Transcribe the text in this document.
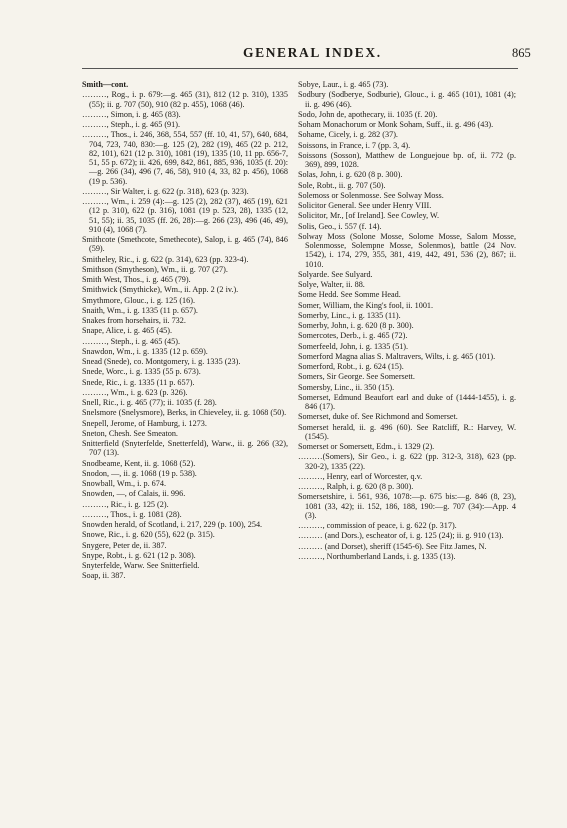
GENERAL INDEX.	865
Smith—cont.
………, Rog., i. p. 679:—g. 465 (31), 812 (12 p. 310), 1335 (55); ii. g. 707 (50), 910 (82 p. 455), 1068 (46).
………, Simon, i. g. 465 (83).
………, Steph., i. g. 465 (91).
………, Thos., i. 246, 368, 554, 557 (ff. 10, 41, 57), 640, 684, 704, 723, 740, 830:—g. 125 (2), 282 (19), 465 (22 p. 212, 82, 101), 621 (12 p. 310), 1081 (19), 1335 (10, 11 pp. 656-7, 51, 55 p. 672); ii. 426, 699, 842, 861, 885, 936, 1035 (f. 20):—g. 266 (34), 496 (7, 46, 58), 910 (4, 33, 82 p. 456), 1068 (19 p. 536).
………, Sir Walter, i. g. 622 (p. 318), 623 (p. 323).
………, Wm., i. 259 (4):—g. 125 (2), 282 (37), 465 (19), 621 (12 p. 310), 622 (p. 316), 1081 (19 p. 523, 28), 1335 (12, 51, 55); ii. 35, 1035 (ff. 26, 28):—g. 266 (23), 496 (46, 49), 910 (4), 1068 (7).
Smithcote (Smethcote, Smethecote), Salop, i. g. 465 (74), 846 (59).
Smitheley, Ric., i. g. 622 (p. 314), 623 (pp. 323-4).
Smithson (Smytheson), Wm., ii. g. 707 (27).
Smith West, Thos., i. g. 465 (79).
Smithwick (Smythicke), Wm., ii. App. 2 (2 iv.).
Smythmore, Glouc., i. g. 125 (16).
Snaith, Wm., i. g. 1335 (11 p. 657).
Snakes from horsehairs, ii. 732.
Snape, Alice, i. g. 465 (45).
………, Steph., i. g. 465 (45).
Snawdon, Wm., i. g. 1335 (12 p. 659).
Snead (Snede), co. Montgomery, i. g. 1335 (23).
Snede, Worc., i. g. 1335 (55 p. 673).
Snede, Ric., i. g. 1335 (11 p. 657).
………, Wm., i. g. 623 (p. 326).
Snell, Ric., i. g. 465 (77); ii. 1035 (f. 28).
Snelsmore (Snelysmore), Berks, in Chieveley, ii. g. 1068 (50).
Snepell, Jerome, of Hamburg, i. 1273.
Sneton, Chesh. See Smeaton.
Snitterfield (Snyterfelde, Snetterfeld), Warw., ii. g. 266 (32), 707 (13).
Snodbeame, Kent, ii. g. 1068 (52).
Snodon, —, ii. g. 1068 (19 p. 538).
Snowball, Wm., i. p. 674.
Snowden, —, of Calais, ii. 996.
………, Ric., i. g. 125 (2).
………, Thos., i. g. 1081 (28).
Snowden herald, of Scotland, i. 217, 229 (p. 100), 254.
Snowe, Ric., i. g. 620 (55), 622 (p. 315).
Snygere, Peter de, ii. 387.
Snype, Robt., i. g. 621 (12 p. 308).
Snyterfelde, Warw. See Snitterfield.
Soap, ii. 387.
Sobye, Laur., i. g. 465 (73).
Sodbury (Sodberye, Sodburie), Glouc., i. g. 465 (101), 1081 (4); ii. g. 496 (46).
Sodo, John de, apothecary, ii. 1035 (f. 20).
Soham Monachorum or Monk Soham, Suff., ii. g. 496 (43).
Sohame, Cicely, i. g. 282 (37).
Soissons, in France, i. 7 (pp. 3, 4).
Soissons (Sosson), Matthew de Longuejoue bp. of, ii. 772 (p. 369), 899, 1028.
Solas, John, i. g. 620 (8 p. 300).
Sole, Robt., ii. g. 707 (50).
Solemoss or Solenmosse. See Solway Moss.
Solicitor General. See under Henry VIII.
Solicitor, Mr., [of Ireland]. See Cowley, W.
Solis, Geo., i. 557 (f. 14).
Solway Moss (Solone Mosse, Solome Mosse, Salom Mosse, Solenmosse, Solempne Mosse, Solenmos), battle (24 Nov. 1542), i. 174, 279, 355, 381, 419, 442, 491, 536 (2), 867; ii. 1010.
Solyarde. See Sulyard.
Solye, Walter, ii. 88.
Some Hedd. See Somme Head.
Somer, William, the King's fool, ii. 1001.
Somerby, Linc., i. g. 1335 (11).
Somerby, John, i. g. 620 (8 p. 300).
Somercotes, Derb., i. g. 465 (72).
Somerfeeld, John, i. g. 1335 (51).
Somerford Magna alias S. Maltravers, Wilts, i. g. 465 (101).
Somerford, Robt., i. g. 624 (15).
Somers, Sir George. See Somersett.
Somersby, Linc., ii. 350 (15).
Somerset, Edmund Beaufort earl and duke of (1444-1455), i. g. 846 (17).
Somerset, duke of. See Richmond and Somerset.
Somerset herald, ii. g. 496 (60). See Ratcliff, R.: Harvey, W. (1545).
Somerset or Somersett, Edm., i. 1329 (2).
………(Somers), Sir Geo., i. g. 622 (pp. 312-3, 318), 623 (pp. 320-2), 1335 (22).
………, Henry, earl of Worcester, q.v.
………, Ralph, i. g. 620 (8 p. 300).
Somersetshire, i. 561, 936, 1078:—p. 675 bis:—g. 846 (8, 23), 1081 (33, 42); ii. 152, 186, 188, 190:—g. 707 (34):—App. 4 (3).
………, commission of peace, i. g. 622 (p. 317).
……… (and Dors.), escheator of, i. g. 125 (24); ii. g. 910 (13).
……… (and Dorset), sheriff (1545-6). See Fitz James, N.
………, Northumberland Lands, i. g. 1335 (13).
